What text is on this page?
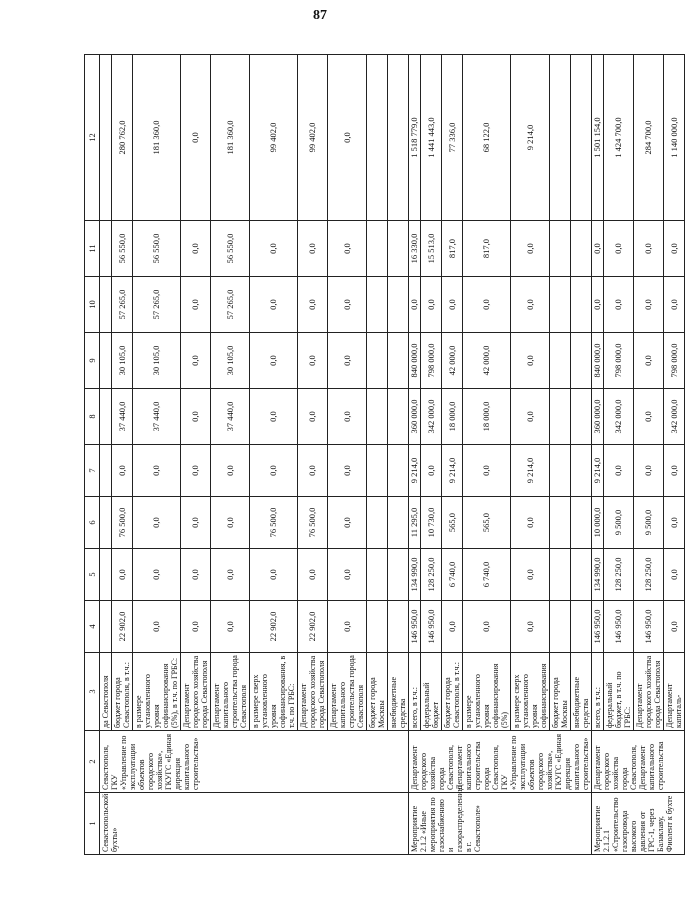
87
1	2	3	4	5	6	7	8	9	10	11	12
Севастопольской бухты»	Севастополя,
ГКУ «Управление по эксплуатации объектов городского хозяйства»,
ГКУГС «Единая дирекция капитального строительства»	да Севастополя									
		бюджет города Севастополя, в т.ч.:	22 902,0	0,0	76 500,0	0,0	37 440,0	30 105,0	57 265,0	56 550,0	280 762,0
		в размере установленного уровня софинансирования (5%), в т.ч. по ГРБС:	0,0	0,0	0,0	0,0	37 440,0	30 105,0	57 265,0	56 550,0	181 360,0
		Департамент городского хозяйства города Севастополя	0,0	0,0	0,0	0,0	0,0	0,0	0,0	0,0	0,0
		Департамент капитального строительства города Севастополя	0,0	0,0	0,0	0,0	37 440,0	30 105,0	57 265,0	56 550,0	181 360,0
		в размере сверх установленного уровня софинансирования, в т.ч. по ГРБС:	22 902,0	0,0	76 500,0	0,0	0,0	0,0	0,0	0,0	99 402,0
		Департамент городского хозяйства города Севастополя	22 902,0	0,0	76 500,0	0,0	0,0	0,0	0,0	0,0	99 402,0
		Департамент капитального строительства города Севастополя	0,0	0,0	0,0	0,0	0,0	0,0	0,0	0,0	0,0
		бюджет города Москвы									
		внебюджетные средства									
Мероприятие 2.1.2 «Иные мероприятия по газоснабжению и газораспределению в г. Севастополе»	Департамент городского хозяйства города Севастополя,
Департамент капитального строительства города Севастополя,
ГКУ «Управление по эксплуатации объектов городского хозяйства»,
ГКУГС «Единая дирекция капитального строительства»	всего, в т.ч.:	146 950,0	134 990,0	11 295,0	9 214,0	360 000,0	840 000,0	0,0	16 330,0	1 518 779,0
		федеральный бюджет	146 950,0	128 250,0	10 730,0	0,0	342 000,0	798 000,0	0,0	15 513,0	1 441 443,0
		бюджет города Севастополя, в т.ч.:	0,0	6 740,0	565,0	9 214,0	18 000,0	42 000,0	0,0	817,0	77 336,0
		в размере установленного уровня софинансирования (5%)	0,0	6 740,0	565,0	0,0	18 000,0	42 000,0	0,0	817,0	68 122,0
		в размере сверх установленного уровня софинансирования	0,0	0,0	0,0	9 214,0	0,0	0,0	0,0	0,0	9 214,0
		бюджет города Москвы									
		внебюджетные средства									
Мероприятие 2.1.2.1 «Строительство газопровода высокого давления от ГРС-1, через Балаклаву, Фиолент к бухте	Департамент городского хозяйства города Севастополя,
Департамент капитального строительства	всего, в т.ч.:	146 950,0	134 990,0	10 000,0	9 214,0	360 000,0	840 000,0	0,0	0,0	1 501 154,0
		федеральный бюджет, в т.ч. по ГРБС:	146 950,0	128 250,0	9 500,0	0,0	342 000,0	798 000,0	0,0	0,0	1 424 700,0
		Департамент городского хозяйства города Севастополя	146 950,0	128 250,0	9 500,0	0,0	0,0	0,0	0,0	0,0	284 700,0
		Департамент капиталь-	0,0	0,0	0,0	0,0	342 000,0	798 000,0	0,0	0,0	1 140 000,0
